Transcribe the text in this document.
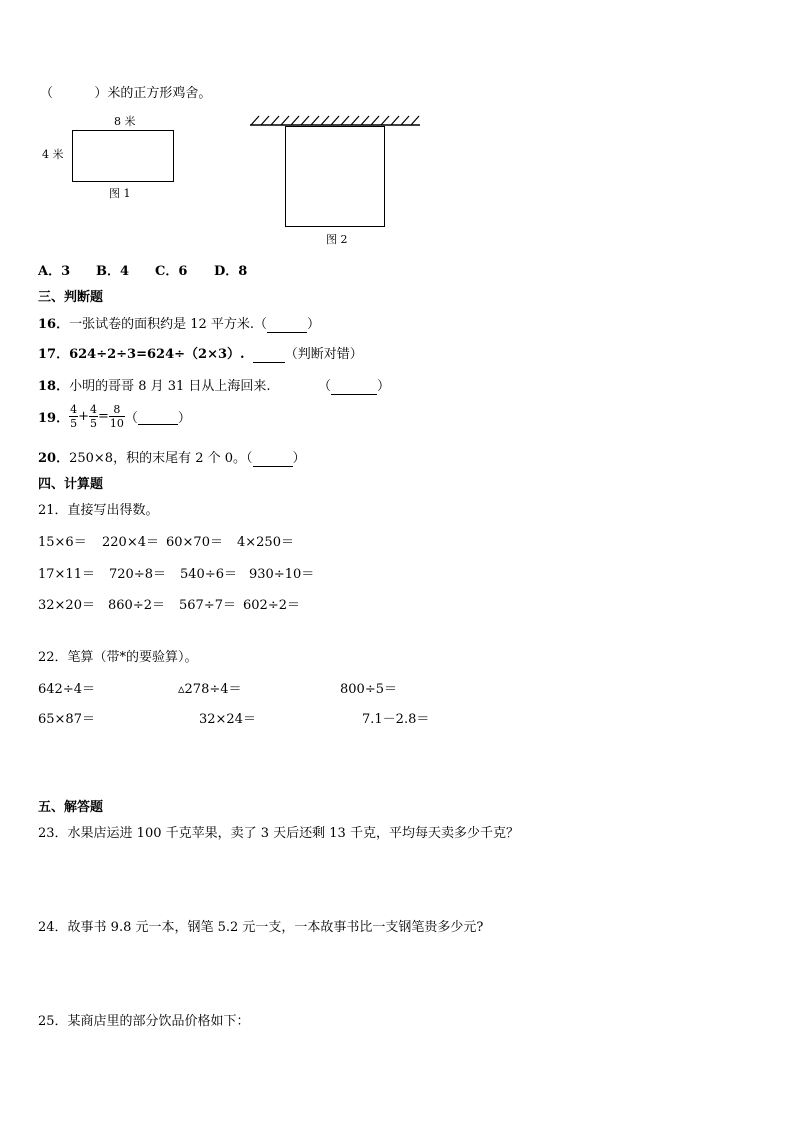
（          ）米的正方形鸡舍。
8 米
4 米
图 1
图 2
A．3 B．4 C．6 D．8
三、判断题
16．一张试卷的面积约是 12 平方米.（	）
17．624÷2÷3=624÷（2×3）.	（判断对错）
18．小明的哥哥 8 月 31 日从上海回来.	（	）
19． $\frac{4}{5} + \frac{4}{5} = \frac{8}{10}$ （	）
20．250×8，积的末尾有 2 个 0。（	）
四、计算题
21．直接写出得数。
15×6＝ 220×4＝ 60×70＝ 4×250＝
17×11＝ 720÷8＝ 540÷6＝ 930÷10＝
32×20＝ 860÷2＝ 567÷7＝ 602÷2＝
22．笔算（带*的要验算）。
642÷4＝	▵278÷4＝	800÷5＝
65×87＝	32×24＝	7.1－2.8＝
五、解答题
23．水果店运进 100 千克苹果，卖了 3 天后还剩 13 千克，平均每天卖多少千克？
24．故事书 9.8 元一本，钢笔 5.2 元一支，一本故事书比一支钢笔贵多少元?
25．某商店里的部分饮品价格如下：
